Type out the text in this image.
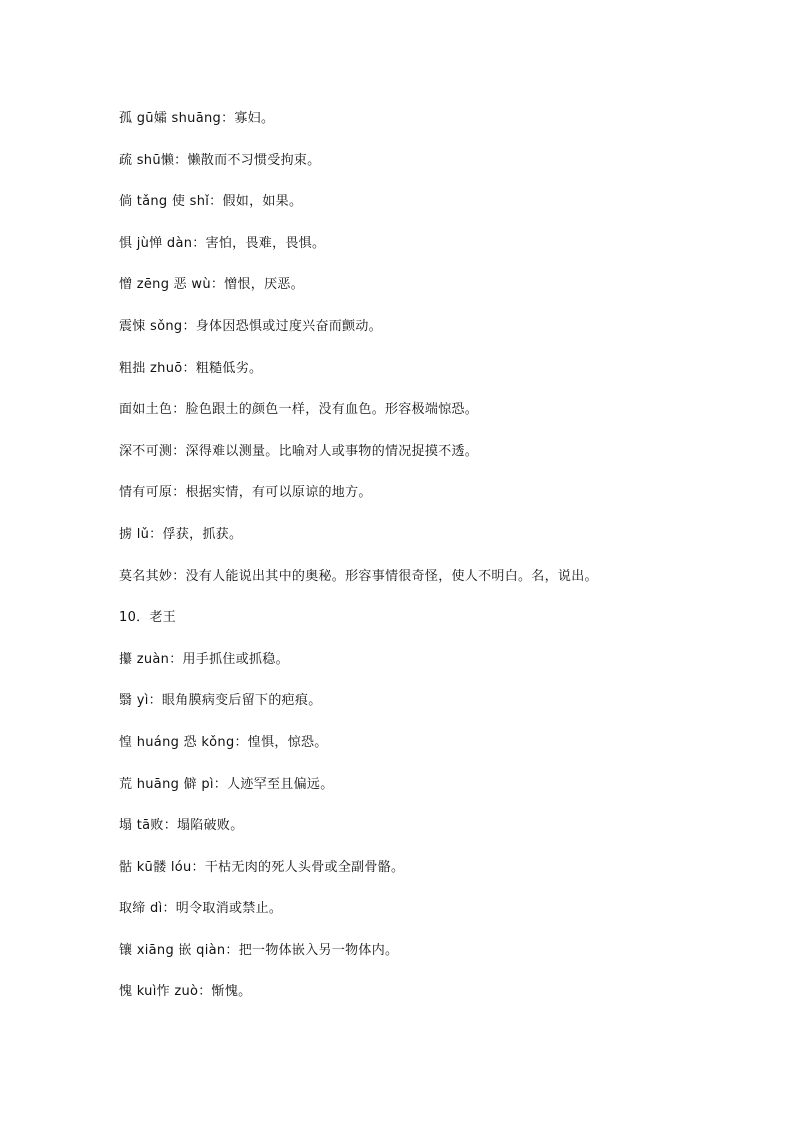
孤 gū孀 shuāng：寡妇。
疏 shū懒：懒散而不习惯受拘束。
倘 tǎng 使 shǐ：假如，如果。
惧 jù惮 dàn：害怕，畏难，畏惧。
憎 zēng 恶 wù：憎恨，厌恶。
震悚 sǒng：身体因恐惧或过度兴奋而颤动。
粗拙 zhuō：粗糙低劣。
面如土色：脸色跟土的颜色一样，没有血色。形容极端惊恐。
深不可测：深得难以测量。比喻对人或事物的情况捉摸不透。
情有可原：根据实情，有可以原谅的地方。
掳 lǔ：俘获，抓获。
莫名其妙：没有人能说出其中的奥秘。形容事情很奇怪，使人不明白。名，说出。
10．老王
攥 zuàn：用手抓住或抓稳。
翳 yì：眼角膜病变后留下的疤痕。
惶 huáng 恐 kǒng：惶惧，惊恐。
荒 huāng 僻 pì：人迹罕至且偏远。
塌 tā败：塌陷破败。
骷 kū髅 lóu：干枯无肉的死人头骨或全副骨骼。
取缔 dì：明令取消或禁止。
镶 xiāng 嵌 qiàn：把一物体嵌入另一物体内。
愧 kuì怍 zuò：惭愧。
